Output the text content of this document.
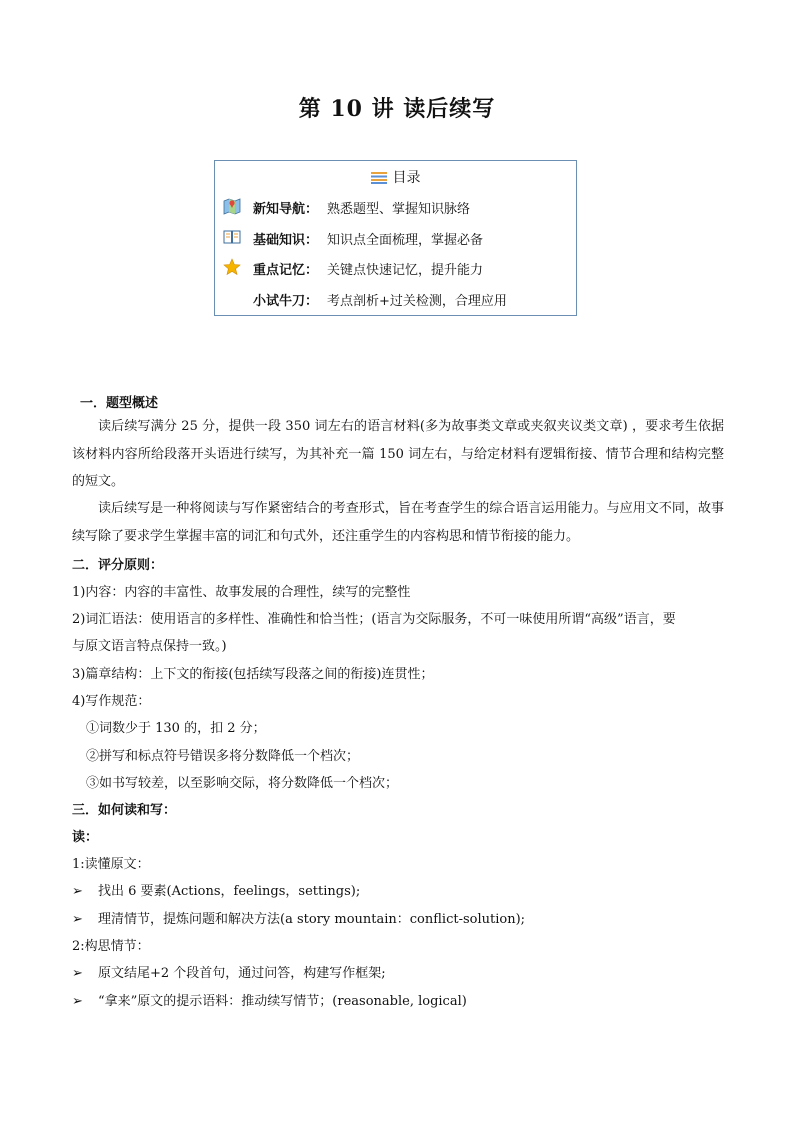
第 10 讲 读后续写
目录
新知导航： 熟悉题型、掌握知识脉络
基础知识： 知识点全面梳理，掌握必备
重点记忆： 关键点快速记忆，提升能力
小试牛刀： 考点剖析+过关检测，合理应用
一．题型概述
读后续写满分 25 分，提供一段 350 词左右的语言材料(多为故事类文章或夹叙夹议类文章) ，要求考生依据该材料内容所给段落开头语进行续写，为其补充一篇 150 词左右，与给定材料有逻辑衔接、情节合理和结构完整的短文。
读后续写是一种将阅读与写作紧密结合的考查形式，旨在考查学生的综合语言运用能力。与应用文不同，故事续写除了要求学生掌握丰富的词汇和句式外，还注重学生的内容构思和情节衔接的能力。
二．评分原则：
1)内容：内容的丰富性、故事发展的合理性，续写的完整性
2)词汇语法：使用语言的多样性、准确性和恰当性；(语言为交际服务，不可一味使用所谓“高级”语言，要
与原文语言特点保持一致。)
3)篇章结构：上下文的衔接(包括续写段落之间的衔接)连贯性；
4)写作规范：
①词数少于 130 的，扣 2 分；
②拼写和标点符号错误多将分数降低一个档次；
③如书写较差，以至影响交际，将分数降低一个档次；
三．如何读和写：
读：
1:读懂原文：
➢ 找出 6 要素(Actions，feelings，settings);
➢ 理清情节，提炼问题和解决方法(a story mountain：conflict-solution);
2:构思情节：
➢ 原文结尾+2 个段首句，通过问答，构建写作框架;
➢ “拿来”原文的提示语料：推动续写情节；(reasonable, logical)
